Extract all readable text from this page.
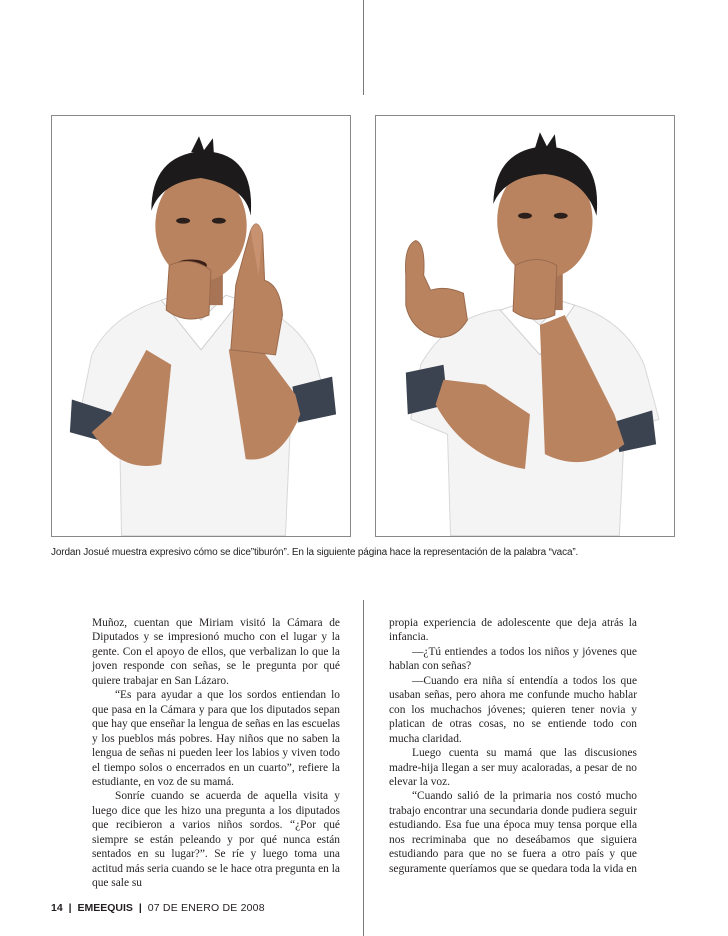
Jordan Josué muestra expresivo cómo se dice”tiburón”. En la siguiente página hace la representación de la palabra “vaca”.

Muñoz, cuentan que Miriam visitó la Cámara de Diputados y se impresionó mucho con el lugar y la gente. Con el apoyo de ellos, que verbalizan lo que la joven responde con señas, se le pregunta por qué quiere trabajar en San Lázaro.

“Es para ayudar a que los sordos entiendan lo que pasa en la Cámara y para que los diputados sepan que hay que enseñar la lengua de señas en las escuelas y los pueblos más pobres. Hay niños que no saben la lengua de señas ni pueden leer los labios y viven todo el tiempo solos o encerrados en un cuarto”, refiere la estudiante, en voz de su mamá.

Sonríe cuando se acuerda de aquella visita y luego dice que les hizo una pregunta a los diputados que recibieron a varios niños sordos. “¿Por qué siempre se están peleando y por qué nunca están sentados en su lugar?”. Se ríe y luego toma una actitud más seria cuando se le hace otra pregunta en la que sale su

propia experiencia de adolescente que deja atrás la infancia.

—¿Tú entiendes a todos los niños y jóvenes que hablan con señas?

—Cuando era niña sí entendía a todos los que usaban señas, pero ahora me confunde mucho hablar con los muchachos jóvenes; quieren tener novia y platican de otras cosas, no se entiende todo con mucha claridad.

Luego cuenta su mamá que las discusiones madre-hija llegan a ser muy acaloradas, a pesar de no elevar la voz.

“Cuando salió de la primaria nos costó mucho trabajo encontrar una secundaria donde pudiera seguir estudiando. Esa fue una época muy tensa porque ella nos recriminaba que no deseábamos que siguiera estudiando para que no se fuera a otro país y que seguramente queríamos que se quedara toda la vida en

14 | EMEEQUIS | 07 DE ENERO DE 2008
